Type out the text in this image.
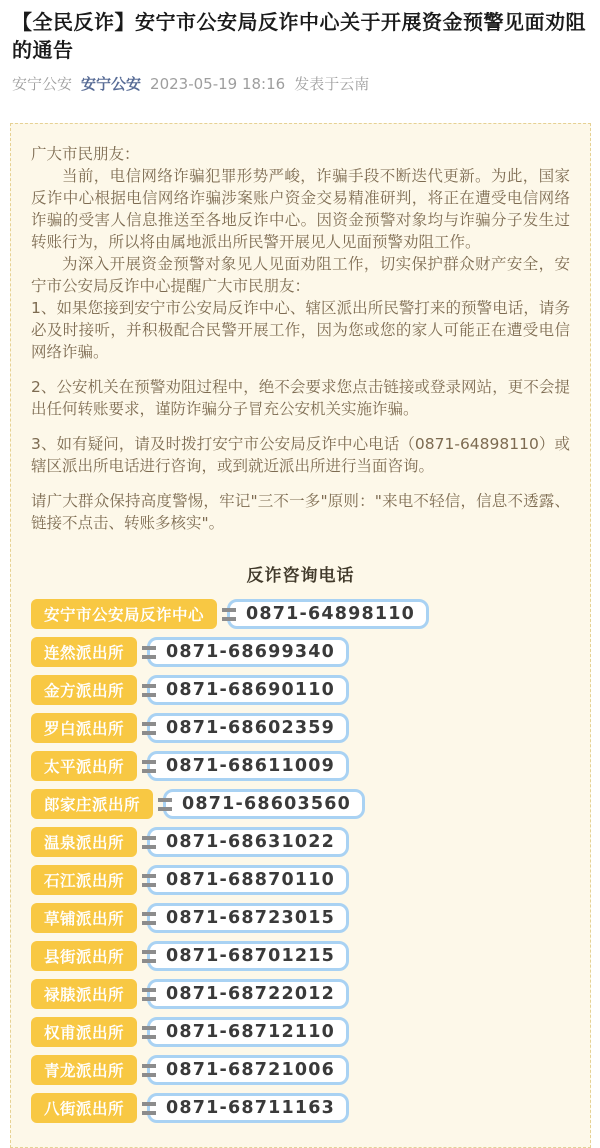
【全民反诈】安宁市公安局反诈中心关于开展资金预警见面劝阻的通告
安宁公安 安宁公安 2023-05-19 18:16 发表于云南

广大市民朋友：

当前，电信网络诈骗犯罪形势严峻，诈骗手段不断迭代更新。为此，国家反诈中心根据电信网络诈骗涉案账户资金交易精准研判，将正在遭受电信网络诈骗的受害人信息推送至各地反诈中心。因资金预警对象均与诈骗分子发生过转账行为，所以将由属地派出所民警开展见人见面预警劝阻工作。

为深入开展资金预警对象见人见面劝阻工作，切实保护群众财产安全，安宁市公安局反诈中心提醒广大市民朋友：

1、如果您接到安宁市公安局反诈中心、辖区派出所民警打来的预警电话，请务必及时接听，并积极配合民警开展工作，因为您或您的家人可能正在遭受电信网络诈骗。

2、公安机关在预警劝阻过程中，绝不会要求您点击链接或登录网站，更不会提出任何转账要求，谨防诈骗分子冒充公安机关实施诈骗。

3、如有疑问，请及时拨打安宁市公安局反诈中心电话（0871-64898110）或辖区派出所电话进行咨询，或到就近派出所进行当面咨询。

请广大群众保持高度警惕，牢记"三不一多"原则："来电不轻信，信息不透露、链接不点击、转账多核实"。

反诈咨询电话
安宁市公安局反诈中心	0871-64898110
连然派出所	0871-68699340
金方派出所	0871-68690110
罗白派出所	0871-68602359
太平派出所	0871-68611009
郎家庄派出所	0871-68603560
温泉派出所	0871-68631022
石江派出所	0871-68870110
草铺派出所	0871-68723015
县街派出所	0871-68701215
禄脿派出所	0871-68722012
权甫派出所	0871-68712110
青龙派出所	0871-68721006
八街派出所	0871-68711163
